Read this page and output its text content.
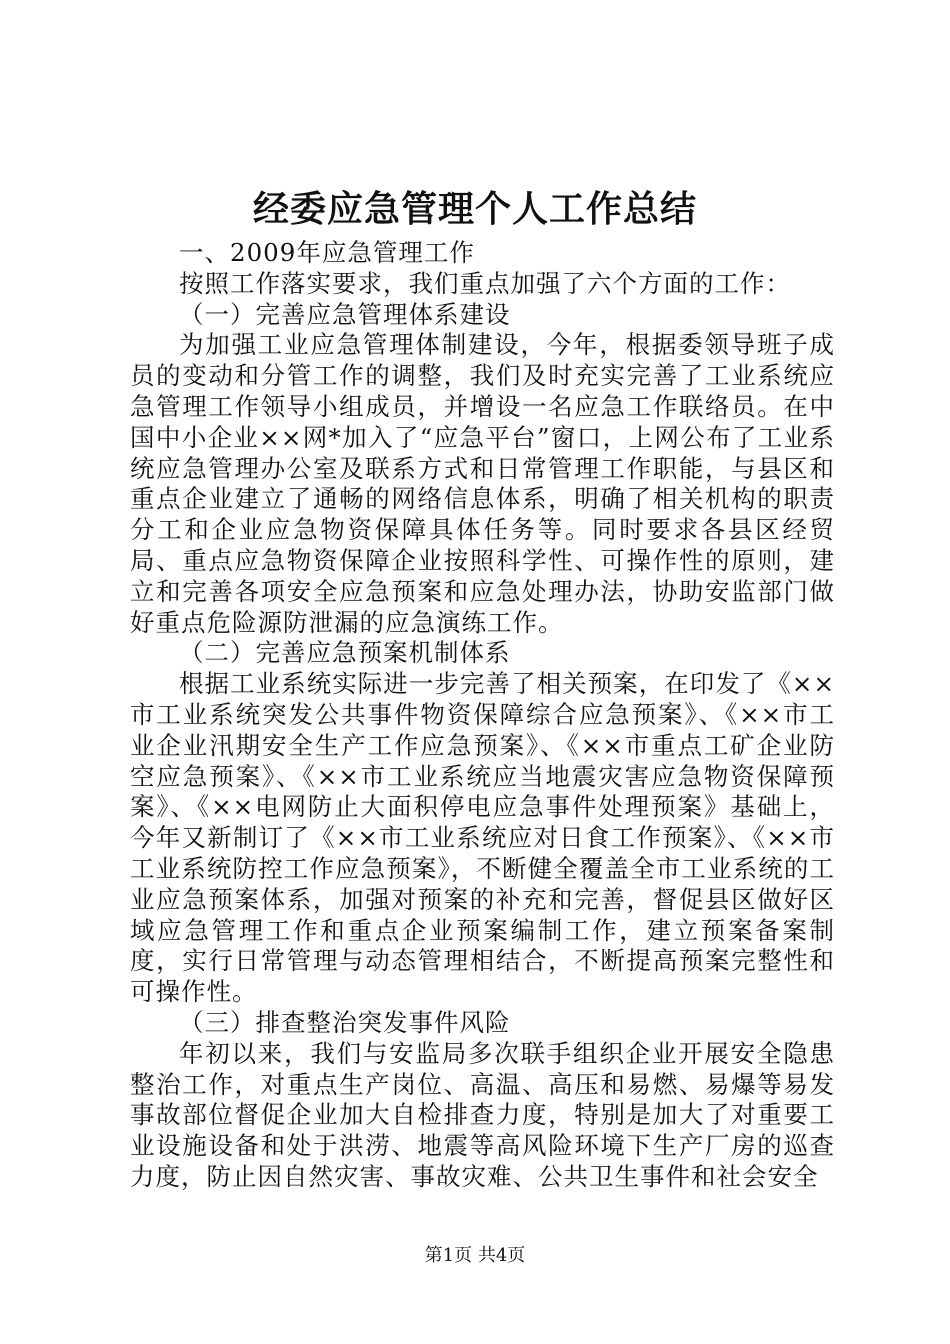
经委应急管理个人工作总结

一、2009年应急管理工作

按照工作落实要求，我们重点加强了六个方面的工作：

（一）完善应急管理体系建设

为加强工业应急管理体制建设，今年，根据委领导班子成员的变动和分管工作的调整，我们及时充实完善了工业系统应急管理工作领导小组成员，并增设一名应急工作联络员。在中国中小企业××网*加入了“应急平台”窗口，上网公布了工业系统应急管理办公室及联系方式和日常管理工作职能，与县区和重点企业建立了通畅的网络信息体系，明确了相关机构的职责分工和企业应急物资保障具体任务等。同时要求各县区经贸局、重点应急物资保障企业按照科学性、可操作性的原则，建立和完善各项安全应急预案和应急处理办法，协助安监部门做好重点危险源防泄漏的应急演练工作。

（二）完善应急预案机制体系

根据工业系统实际进一步完善了相关预案，在印发了《××市工业系统突发公共事件物资保障综合应急预案》、《××市工业企业汛期安全生产工作应急预案》、《××市重点工矿企业防空应急预案》、《××市工业系统应当地震灾害应急物资保障预案》、《××电网防止大面积停电应急事件处理预案》基础上，今年又新制订了《××市工业系统应对日食工作预案》、《××市工业系统防控工作应急预案》，不断健全覆盖全市工业系统的工业应急预案体系，加强对预案的补充和完善，督促县区做好区域应急管理工作和重点企业预案编制工作，建立预案备案制度，实行日常管理与动态管理相结合，不断提高预案完整性和可操作性。

（三）排查整治突发事件风险

年初以来，我们与安监局多次联手组织企业开展安全隐患整治工作，对重点生产岗位、高温、高压和易燃、易爆等易发事故部位督促企业加大自检排查力度，特别是加大了对重要工业设施设备和处于洪涝、地震等高风险环境下生产厂房的巡查力度，防止因自然灾害、事故灾难、公共卫生事件和社会安全

第1页 共4页
